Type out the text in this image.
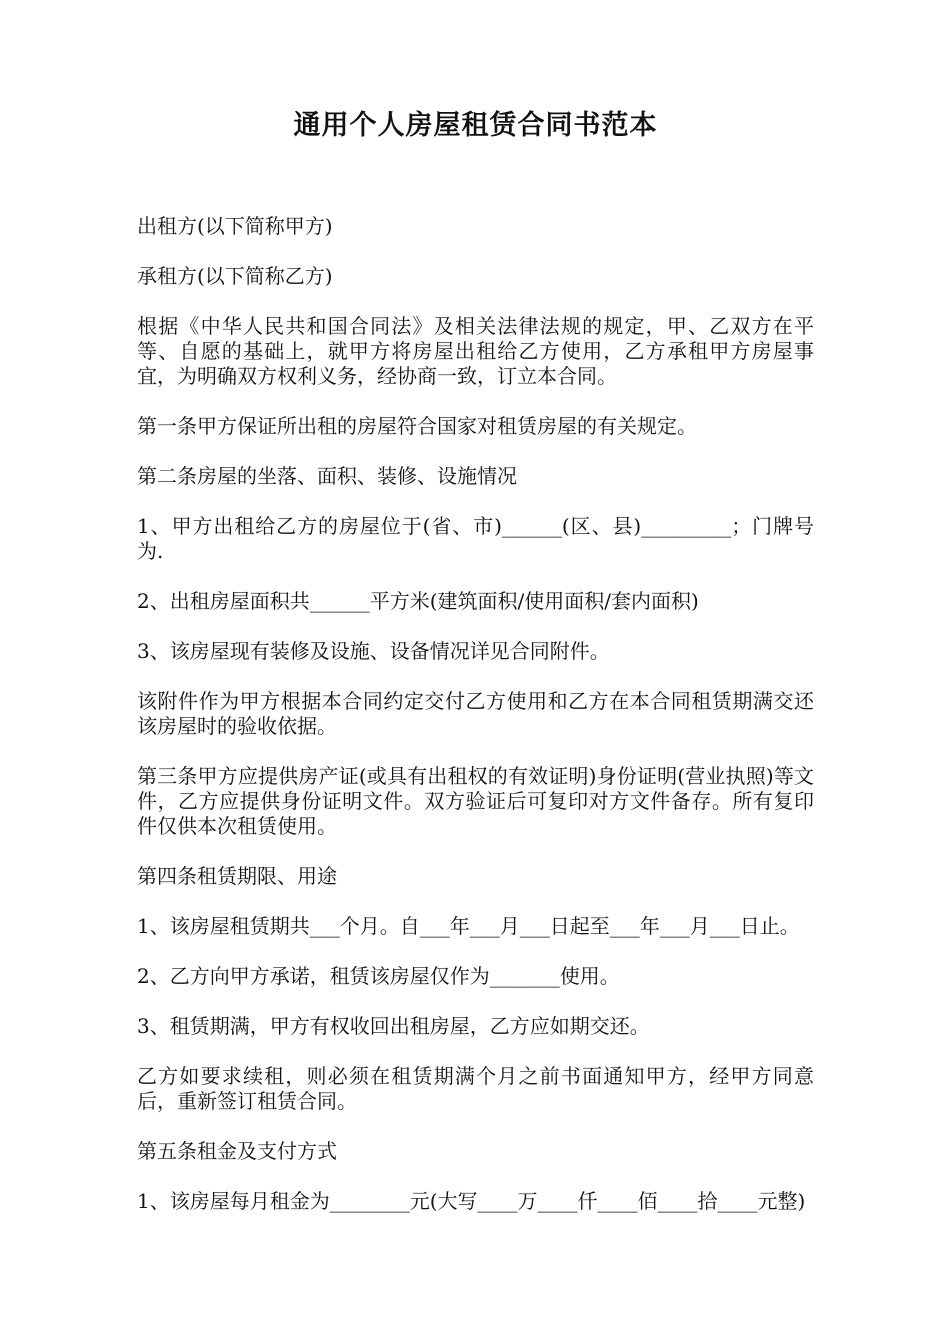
通用个人房屋租赁合同书范本

出租方(以下简称甲方)

承租方(以下简称乙方)

根据《中华人民共和国合同法》及相关法律法规的规定，甲、乙双方在平等、自愿的基础上，就甲方将房屋出租给乙方使用，乙方承租甲方房屋事宜，为明确双方权利义务，经协商一致，订立本合同。

第一条甲方保证所出租的房屋符合国家对租赁房屋的有关规定。

第二条房屋的坐落、面积、装修、设施情况

1、甲方出租给乙方的房屋位于(省、市)______(区、县)_________；门牌号为.

2、出租房屋面积共______平方米(建筑面积/使用面积/套内面积)

3、该房屋现有装修及设施、设备情况详见合同附件。

该附件作为甲方根据本合同约定交付乙方使用和乙方在本合同租赁期满交还该房屋时的验收依据。

第三条甲方应提供房产证(或具有出租权的有效证明)身份证明(营业执照)等文件，乙方应提供身份证明文件。双方验证后可复印对方文件备存。所有复印件仅供本次租赁使用。

第四条租赁期限、用途

1、该房屋租赁期共___个月。自___年___月___日起至___年___月___日止。

2、乙方向甲方承诺，租赁该房屋仅作为_______使用。

3、租赁期满，甲方有权收回出租房屋，乙方应如期交还。

乙方如要求续租，则必须在租赁期满个月之前书面通知甲方，经甲方同意后，重新签订租赁合同。

第五条租金及支付方式

1、该房屋每月租金为________元(大写____万____仟____佰____拾____元整)
